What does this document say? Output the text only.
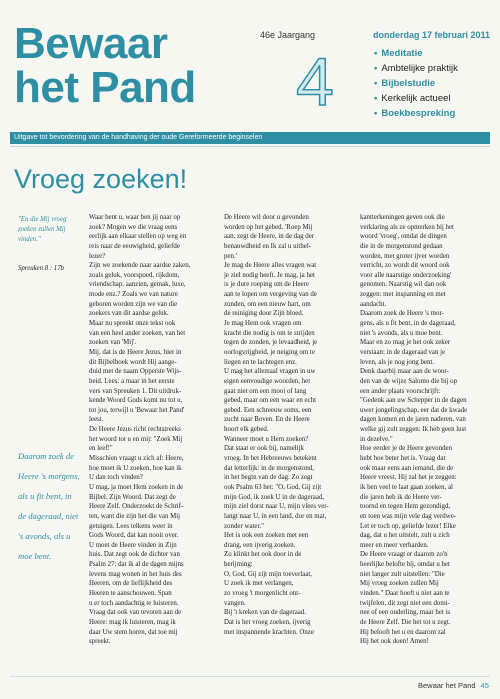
Bewaar
het Pand
46e Jaargang
4
donderdag 17 februari 2011
• Meditatie
• Ambtelijke praktijk
• Bijbelstudie
• Kerkelijk actueel
• Boekbespreking
Uitgave tot bevordering van de handhaving der oude Gereformeerde beginselen
Vroeg zoeken!
"En die Mij vroeg zoeken zullen Mij vinden."
Spreuken 8 : 17b
Daarom zoek de Heere 's morgens, als u fit bent, in de dageraad, niet 's avonds, als u moe bent.
Waar bent u, waar ben jij naar op
zoek? Mogen we die vraag eens
eerlijk aan elkaar stellen op weg en
reis naar de eeuwigheid, geliefde
lezer?
Zijn we zoekende naar aardse zaken,
zoals geluk, voorspoed, rijkdom,
vriendschap, aanzien, gemak, luxe,
mode enz.? Zoals we van nature
geboren worden zijn we van die
zoekers van dit aardse geluk.
Maar nu spreekt onze tekst ook
van een heel ander zoeken, van het
zoeken van 'Mij'.
Mij, dat is de Heere Jezus, hier in
dit Bijbelboek wordt Hij aange-
duid met de naam Opperste Wijs-
heid. Lees: a maar in het eerste
vers van Spreuken 1. Dit uitdruk-
kende Woord Gods komt nu tot u,
tot jou, terwijl u 'Bewaar het Pand'
leest.
De Heere Jezus richt rechtstreeks
het woord tot u en mij: "Zoek Mij
en leef!"
Misschien vraagt u zich af: Heere,
hoe moet ik U zoeken, hoe kan ik
U dan toch vinden?
U mag, ja moet Hem zoeken in de
Bijbel. Zijn Woord. Dat zegt de
Heere Zelf. Onderzoekt de Schrif-
ten, want die zijn het die van Mij
getuigen. Lees telkens weer in
Gods Woord, dat kan nooit over.
U moet de Heere vinden in Zijn
huis. Dat zegt ook de dichter van
Psalm 27: dat ik al de dagen mijns
levens mag wonen in het huis des
Heeren, om de lieflijkheid des
Heeren te aanschouwen. Span
u er toch aandachtig te luisteren.
Vraag dat ook van tevoren aan de
Heere: mag ik luisteren, mag ik
daar Uw stem horen, dat toe mij
spreekt.
De Heere wil door u gevonden
worden op het gebed. 'Roep Mij
aan, zegt de Heere, in de dag der
benauwdheid en Ik zal u uithel-
pen.'
Je mag de Heere alles vragen wat
je ziel nodig heeft. Je mag, ja het
is je dure roeping om de Heere
aan te lopen om vergeving van de
zonden, om een nieuw hart, om
de reiniging door Zijn bloed.
Je mag Hem ook vragen om
kracht die nodig is om te strijden
tegen de zonden, je levaadheid, je
oorlogvrijgheid, je neiging om te
liegen en te lachtegen enz.
U mag het allemaal vragen in uw
eigen eenvoudige woorden, het
gaat niet om een mooi of lang
gebed, maar om een waar en echt
gebed. Een schreeuw soms, een
zucht naar Boven. En de Heere
hoort elk gebed.
Wanneer moet u Hem zoeken?
Dat staat er ook bij, namelijk
vroeg. In het Hebreeuws betekent
dat letterlijk: in de morgenstond,
in het begin van de dag. Zo zegt
ook Psalm 63 het: "O, God, Gij zijt
mijn God, ik zoek U in de dageraad,
mijn ziel dorst naar U, mijn vlees ver-
langt naar U, in een land, dor en mat,
zonder water."
Het is ook een zoeken met een
drang, een ijverig zoeken.
Zo klinkt het ook door in de
berijming:
O, God, Gij zijt mijn toeverlaat,
U zoek ik met verlangen,
zo vroeg 't morgenlicht ont-
vangen.
Bij 't kreken van de dageraad.
Dat is het vroeg zoeken, ijverig
met inspannende krachten. Onze
kantterkeningen geven ook die
verklaring als ze opmerken bij het
woord 'vroeg', omdat de dingen
die in de morgenstond gedaan
worden, met groter ijver worden
verricht, zo wordt dit woord ook
voor alle naarstige onderzoeking'
genomen. Naarstig wil dan ook
zeggen: met inspanning en met
aandacht.
Daarom zoek de Heere 's mor-
gens, als u fit bent, in de dageraad,
niet 's avonds, als u moe bent.
Maar en zo mag je het ook zeker
verstaan: in de dageraad van je
leven, als je nog jong bent.
Denk daarbij maar aan de woor-
den van de wijze Salomo die bij op
een ander plaats voorschrijft:
"Gedenk aan uw Schepper in de dagen
uwer jongelingschap, eer dat de kwade
dagen komen en de jaren naderen, van
welke gij zult zeggen: Ik heb geen lust
in dezelve."
Hoe eerder je de Heere gevonden
hebt hoe beter het is. Vraag dat
ook maar eens aan iemand, die de
Heere vreest. Hij zal het je zeggen:
ik ben veel te laat gaan zoeken, al
die jaren heb ik de Heere ver-
toornd en tegen Hem gezondigd,
en toen was mijn vele dag verdwe-
Let er toch op, geliefde lezer! Elke
dag, dat u het uitstelt, zult u zich
meer en meer verharden.
De Heere vraagt er daarom zo'n
heerlijke belofte bij, omdat u het
niet langer zult uitstellen: "Die
Mij vroeg zoeken zullen Mij
vinden." Daar hoeft u niet aan te
twijfelen, dit zegt niet een domi-
nee of een ouderling, maar het is
de Heere Zelf. Die het tot u zegt.
Hij belooft het u en daarom zal
Hij het ook doen! Amen!
Bewaar het Pand 45
